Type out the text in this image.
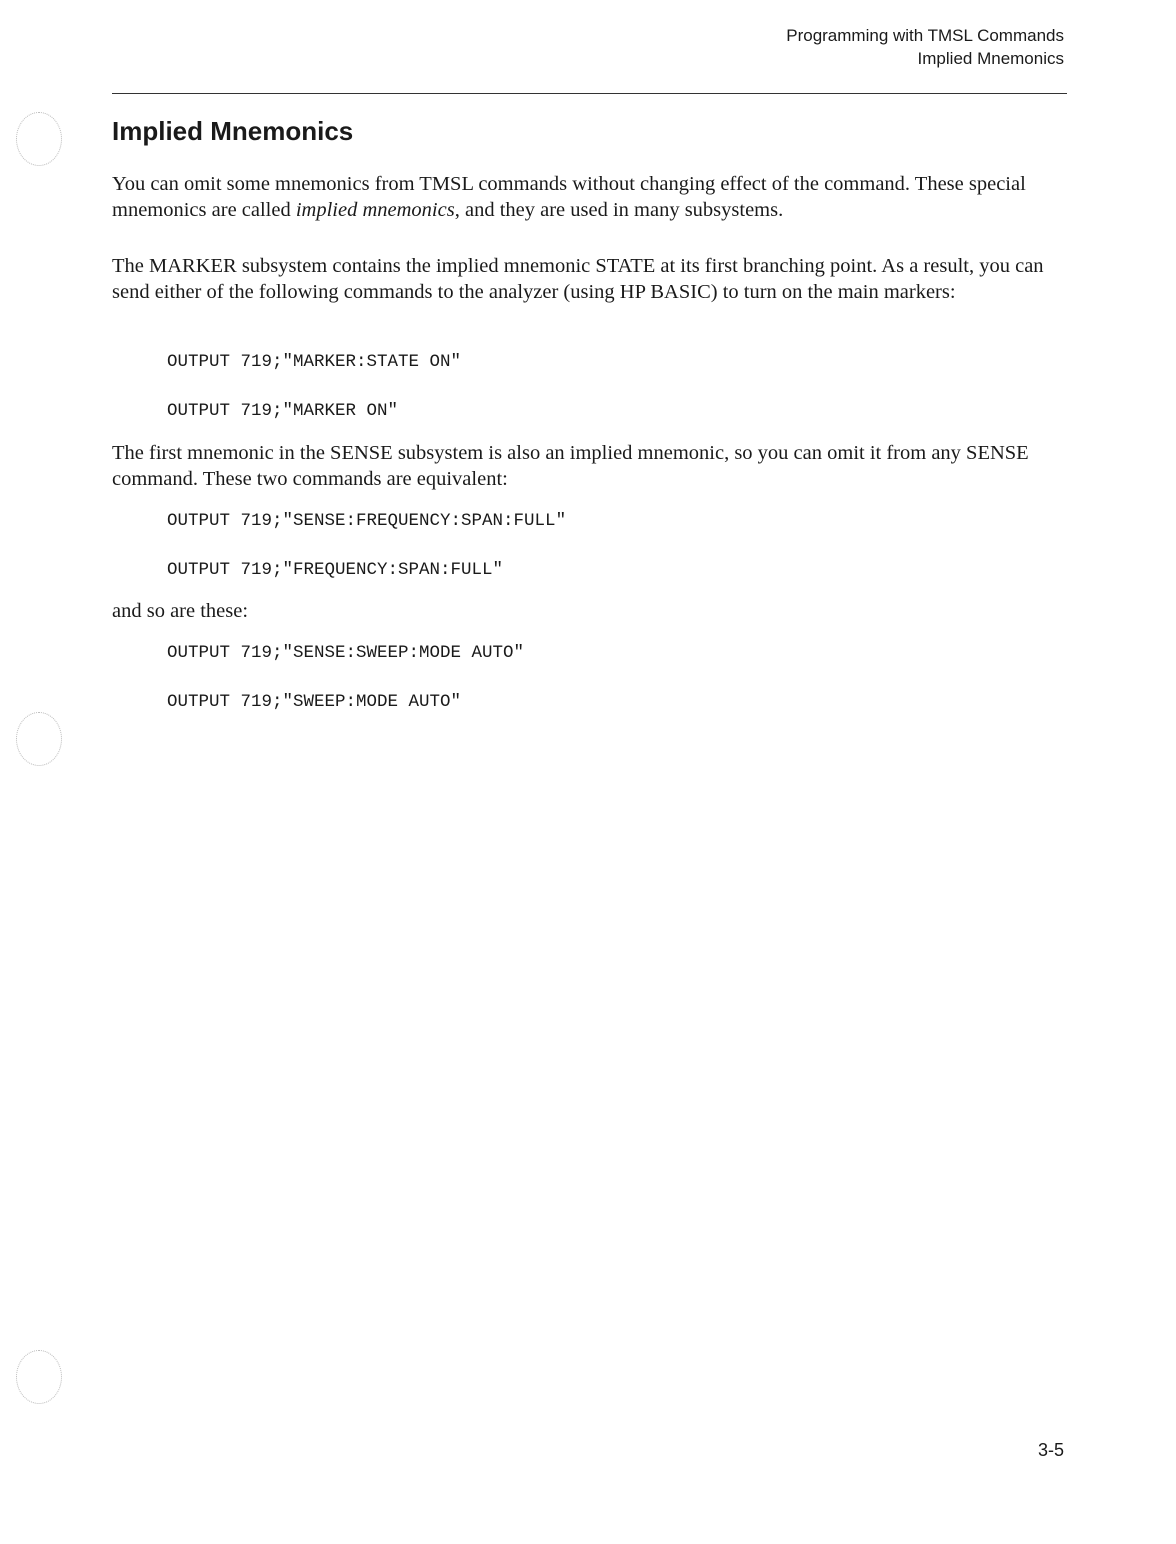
Programming with TMSL Commands
Implied Mnemonics
Implied Mnemonics

You can omit some mnemonics from TMSL commands without changing effect of the command. These special mnemonics are called implied mnemonics, and they are used in many subsystems.

The MARKER subsystem contains the implied mnemonic STATE at its first branching point. As a result, you can send either of the following commands to the analyzer (using HP BASIC) to turn on the main markers:

OUTPUT 719;"MARKER:STATE ON"
OUTPUT 719;"MARKER ON"

The first mnemonic in the SENSE subsystem is also an implied mnemonic, so you can omit it from any SENSE command. These two commands are equivalent:

OUTPUT 719;"SENSE:FREQUENCY:SPAN:FULL"
OUTPUT 719;"FREQUENCY:SPAN:FULL"

and so are these:

OUTPUT 719;"SENSE:SWEEP:MODE AUTO"
OUTPUT 719;"SWEEP:MODE AUTO"
3-5
